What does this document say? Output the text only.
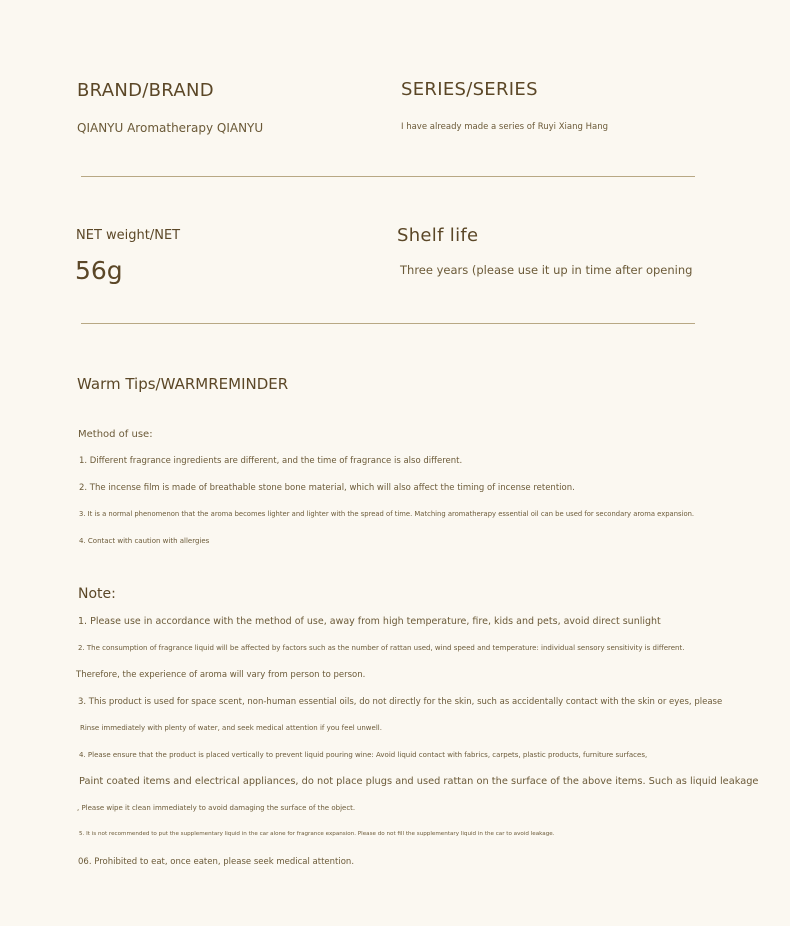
BRAND/BRAND
QIANYU Aromatherapy QIANYU
SERIES/SERIES
I have already made a series of Ruyi Xiang Hang
NET weight/NET
56g
Shelf life
Three years (please use it up in time after opening
Warm Tips/WARMREMINDER
Method of use:
1. Different fragrance ingredients are different, and the time of fragrance is also different.
2. The incense film is made of breathable stone bone material, which will also affect the timing of incense retention.
3. It is a normal phenomenon that the aroma becomes lighter and lighter with the spread of time. Matching aromatherapy essential oil can be used for secondary aroma expansion.
4. Contact with caution with allergies
Note:
1. Please use in accordance with the method of use, away from high temperature, fire, kids and pets, avoid direct sunlight
2. The consumption of fragrance liquid will be affected by factors such as the number of rattan used, wind speed and temperature: individual sensory sensitivity is different.
Therefore, the experience of aroma will vary from person to person.
3. This product is used for space scent, non-human essential oils, do not directly for the skin, such as accidentally contact with the skin or eyes, please
Rinse immediately with plenty of water, and seek medical attention if you feel unwell.
4. Please ensure that the product is placed vertically to prevent liquid pouring wine: Avoid liquid contact with fabrics, carpets, plastic products, furniture surfaces,
Paint coated items and electrical appliances, do not place plugs and used rattan on the surface of the above items. Such as liquid leakage
, Please wipe it clean immediately to avoid damaging the surface of the object.
5. It is not recommended to put the supplementary liquid in the car alone for fragrance expansion. Please do not fill the supplementary liquid in the car to avoid leakage.
06. Prohibited to eat, once eaten, please seek medical attention.
